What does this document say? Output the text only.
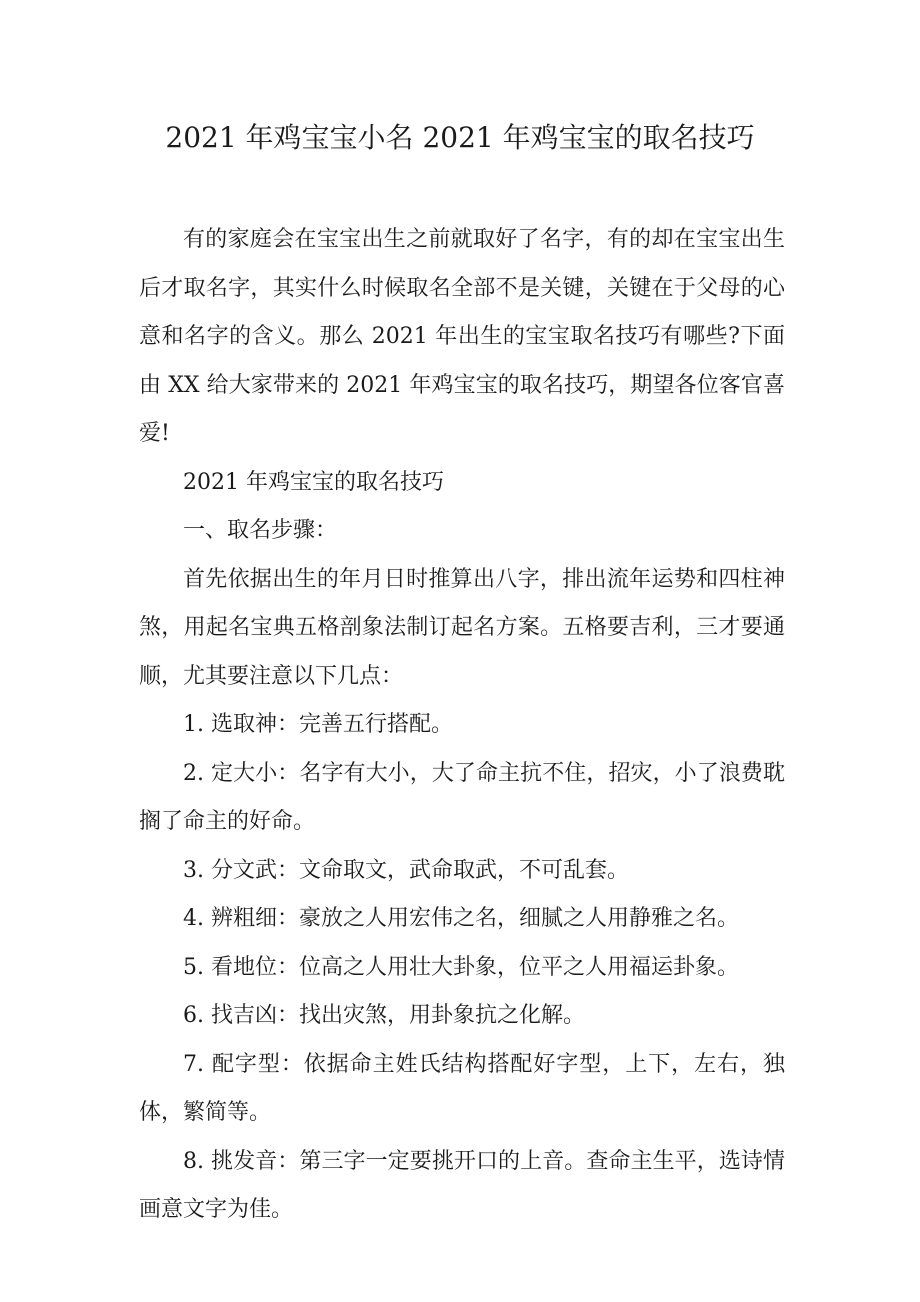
2021 年鸡宝宝小名 2021 年鸡宝宝的取名技巧

有的家庭会在宝宝出生之前就取好了名字，有的却在宝宝出生后才取名字，其实什么时候取名全部不是关键，关键在于父母的心意和名字的含义。那么 2021 年出生的宝宝取名技巧有哪些?下面由 XX 给大家带来的 2021 年鸡宝宝的取名技巧，期望各位客官喜爱!

2021 年鸡宝宝的取名技巧

一、取名步骤：

首先依据出生的年月日时推算出八字，排出流年运势和四柱神煞，用起名宝典五格剖象法制订起名方案。五格要吉利，三才要通顺，尤其要注意以下几点：

1. 选取神：完善五行搭配。

2. 定大小：名字有大小，大了命主抗不住，招灾，小了浪费耽搁了命主的好命。

3. 分文武：文命取文，武命取武，不可乱套。

4. 辨粗细：豪放之人用宏伟之名，细腻之人用静雅之名。

5. 看地位：位高之人用壮大卦象，位平之人用福运卦象。

6. 找吉凶：找出灾煞，用卦象抗之化解。

7. 配字型：依据命主姓氏结构搭配好字型，上下，左右，独体，繁简等。

8. 挑发音：第三字一定要挑开口的上音。查命主生平，选诗情画意文字为佳。
